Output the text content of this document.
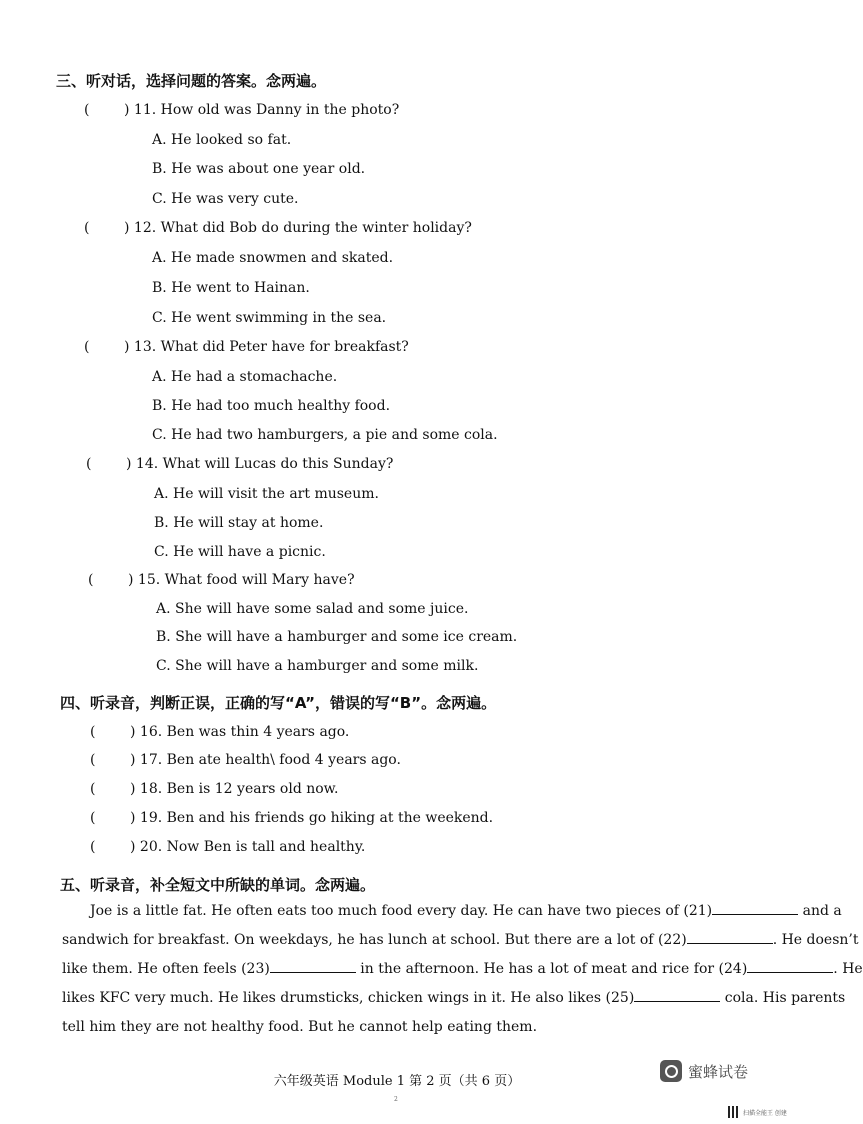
三、听对话，选择问题的答案。念两遍。
(	) 11. How old was Danny in the photo?
A. He looked so fat.
B. He was about one year old.
C. He was very cute.
(	) 12. What did Bob do during the winter holiday?
A. He made snowmen and skated.
B. He went to Hainan.
C. He went swimming in the sea.
(	) 13. What did Peter have for breakfast?
A. He had a stomachache.
B. He had too much healthy food.
C. He had two hamburgers, a pie and some cola.
(	) 14. What will Lucas do this Sunday?
A. He will visit the art museum.
B. He will stay at home.
C. He will have a picnic.
(	) 15. What food will Mary have?
A. She will have some salad and some juice.
B. She will have a hamburger and some ice cream.
C. She will have a hamburger and some milk.
四、听录音，判断正误，正确的写“A”，错误的写“B”。念两遍。
(	) 16. Ben was thin 4 years ago.
(	) 17. Ben ate health\ food 4 years ago.
(	) 18. Ben is 12 years old now.
(	) 19. Ben and his friends go hiking at the weekend.
(	) 20. Now Ben is tall and healthy.
五、听录音，补全短文中所缺的单词。念两遍。
Joe is a little fat. He often eats too much food every day. He can have two pieces of (21)	and a
sandwich for breakfast. On weekdays, he has lunch at school. But there are a lot of (22)	. He doesn’t
like them. He often feels (23)	in the afternoon. He has a lot of meat and rice for (24)	. He
likes KFC very much. He likes drumsticks, chicken wings in it. He also likes (25)	cola. His parents
tell him they are not healthy food. But he cannot help eating them.
六年级英语 Module 1 第 2 页（共 6 页）
2
蜜蜂试卷
扫描全能王 创建
